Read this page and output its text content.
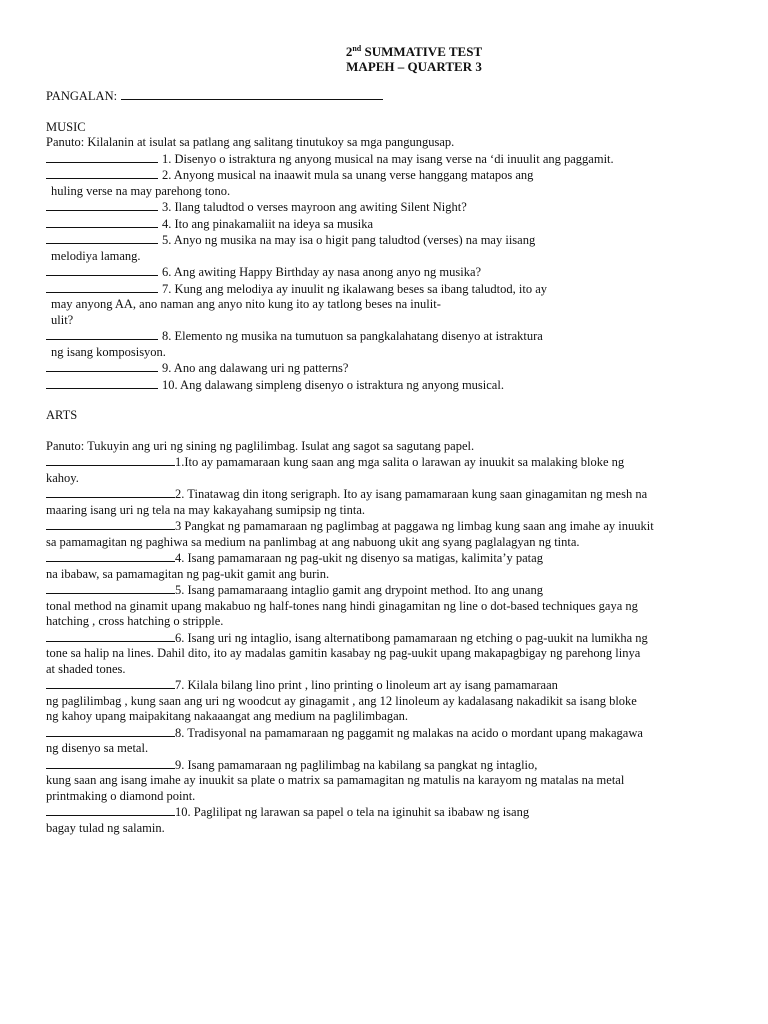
2nd SUMMATIVE TEST
MAPEH – QUARTER 3
PANGALAN:
MUSIC
Panuto: Kilalanin at isulat sa patlang ang salitang tinutukoy sa mga pangungusap.
1. Disenyo o istraktura ng anyong musical na may isang verse na ‘di inuulit ang paggamit.
2. Anyong musical na inaawit mula sa unang verse hanggang matapos ang
huling verse na may parehong tono.
3. Ilang taludtod o verses mayroon ang awiting Silent Night?
4. Ito ang pinakamaliit na ideya sa musika
5. Anyo ng musika na may isa o higit pang taludtod (verses) na may iisang
melodiya lamang.
6. Ang awiting Happy Birthday ay nasa anong anyo ng musika?
7. Kung ang melodiya ay inuulit ng ikalawang beses sa ibang taludtod, ito ay
may anyong AA, ano naman ang anyo nito kung ito ay tatlong beses na inulit-
ulit?
8. Elemento ng musika na tumutuon sa pangkalahatang disenyo at istraktura
ng isang komposisyon.
9. Ano ang dalawang uri ng patterns?
10. Ang dalawang simpleng disenyo o istraktura ng anyong musical.
ARTS
Panuto: Tukuyin ang uri ng sining ng paglilimbag. Isulat ang sagot sa sagutang papel.
1.Ito ay pamamaraan kung saan ang mga salita o larawan ay inuukit sa malaking bloke ng
kahoy.
2. Tinatawag din itong serigraph. Ito ay isang pamamaraan kung saan ginagamitan ng mesh na
maaring isang uri ng tela na may kakayahang sumipsip ng tinta.
3 Pangkat ng pamamaraan ng paglimbag at paggawa ng limbag kung saan ang imahe ay inuukit
sa pamamagitan ng paghiwa sa medium na panlimbag at ang nabuong ukit ang syang paglalagyan ng tinta.
4. Isang pamamaraan ng pag-ukit ng disenyo sa matigas, kalimita’y patag
na ibabaw, sa pamamagitan ng pag-ukit gamit ang burin.
5. Isang pamamaraang intaglio gamit ang drypoint method. Ito ang unang
tonal method na ginamit upang makabuo ng half-tones nang hindi ginagamitan ng line o dot-based techniques gaya ng
hatching , cross hatching o stripple.
6. Isang uri ng intaglio, isang alternatibong pamamaraan ng etching o pag-uukit na lumikha ng
tone sa halip na lines. Dahil dito, ito ay madalas gamitin kasabay ng pag-uukit upang makapagbigay ng parehong linya
at shaded tones.
7. Kilala bilang lino print , lino printing o linoleum art ay isang pamamaraan
ng paglilimbag , kung saan ang uri ng woodcut ay ginagamit , ang 12 linoleum ay kadalasang nakadikit sa isang bloke
ng kahoy upang maipakitang nakaaangat ang medium na paglilimbagan.
8. Tradisyonal na pamamaraan ng paggamit ng malakas na acido o mordant upang makagawa
ng disenyo sa metal.
9. Isang pamamaraan ng paglilimbag na kabilang sa pangkat ng intaglio,
kung saan ang isang imahe ay inuukit sa plate o matrix sa pamamagitan ng matulis na karayom ng matalas na metal
printmaking o diamond point.
10. Paglilipat ng larawan sa papel o tela na iginuhit sa ibabaw ng isang
bagay tulad ng salamin.
